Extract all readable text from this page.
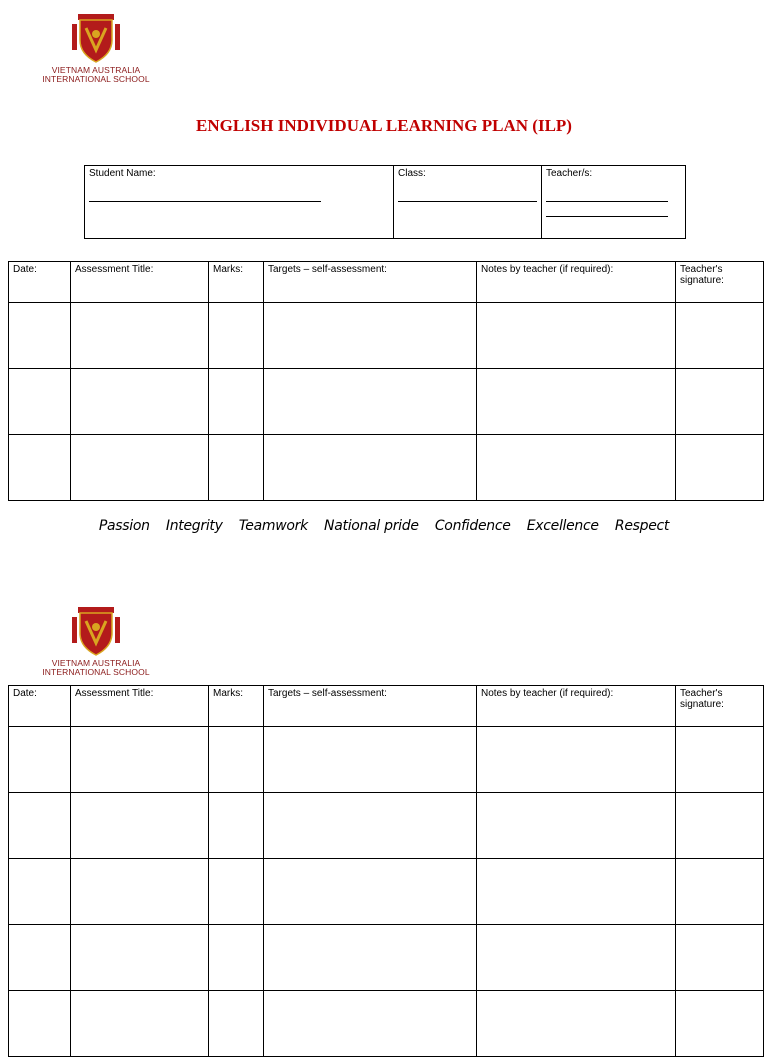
VIETNAM AUSTRALIA
INTERNATIONAL SCHOOL
ENGLISH INDIVIDUAL LEARNING PLAN (ILP)
Student Name:	Class:	Teacher/s:
Date:	Assessment Title:	Marks:	Targets – self-assessment:	Notes by teacher (if required):	Teacher's signature:

Passion Integrity Teamwork National pride Confidence Excellence Respect
VIETNAM AUSTRALIA
INTERNATIONAL SCHOOL
Date:	Assessment Title:	Marks:	Targets – self-assessment:	Notes by teacher (if required):	Teacher's signature:
